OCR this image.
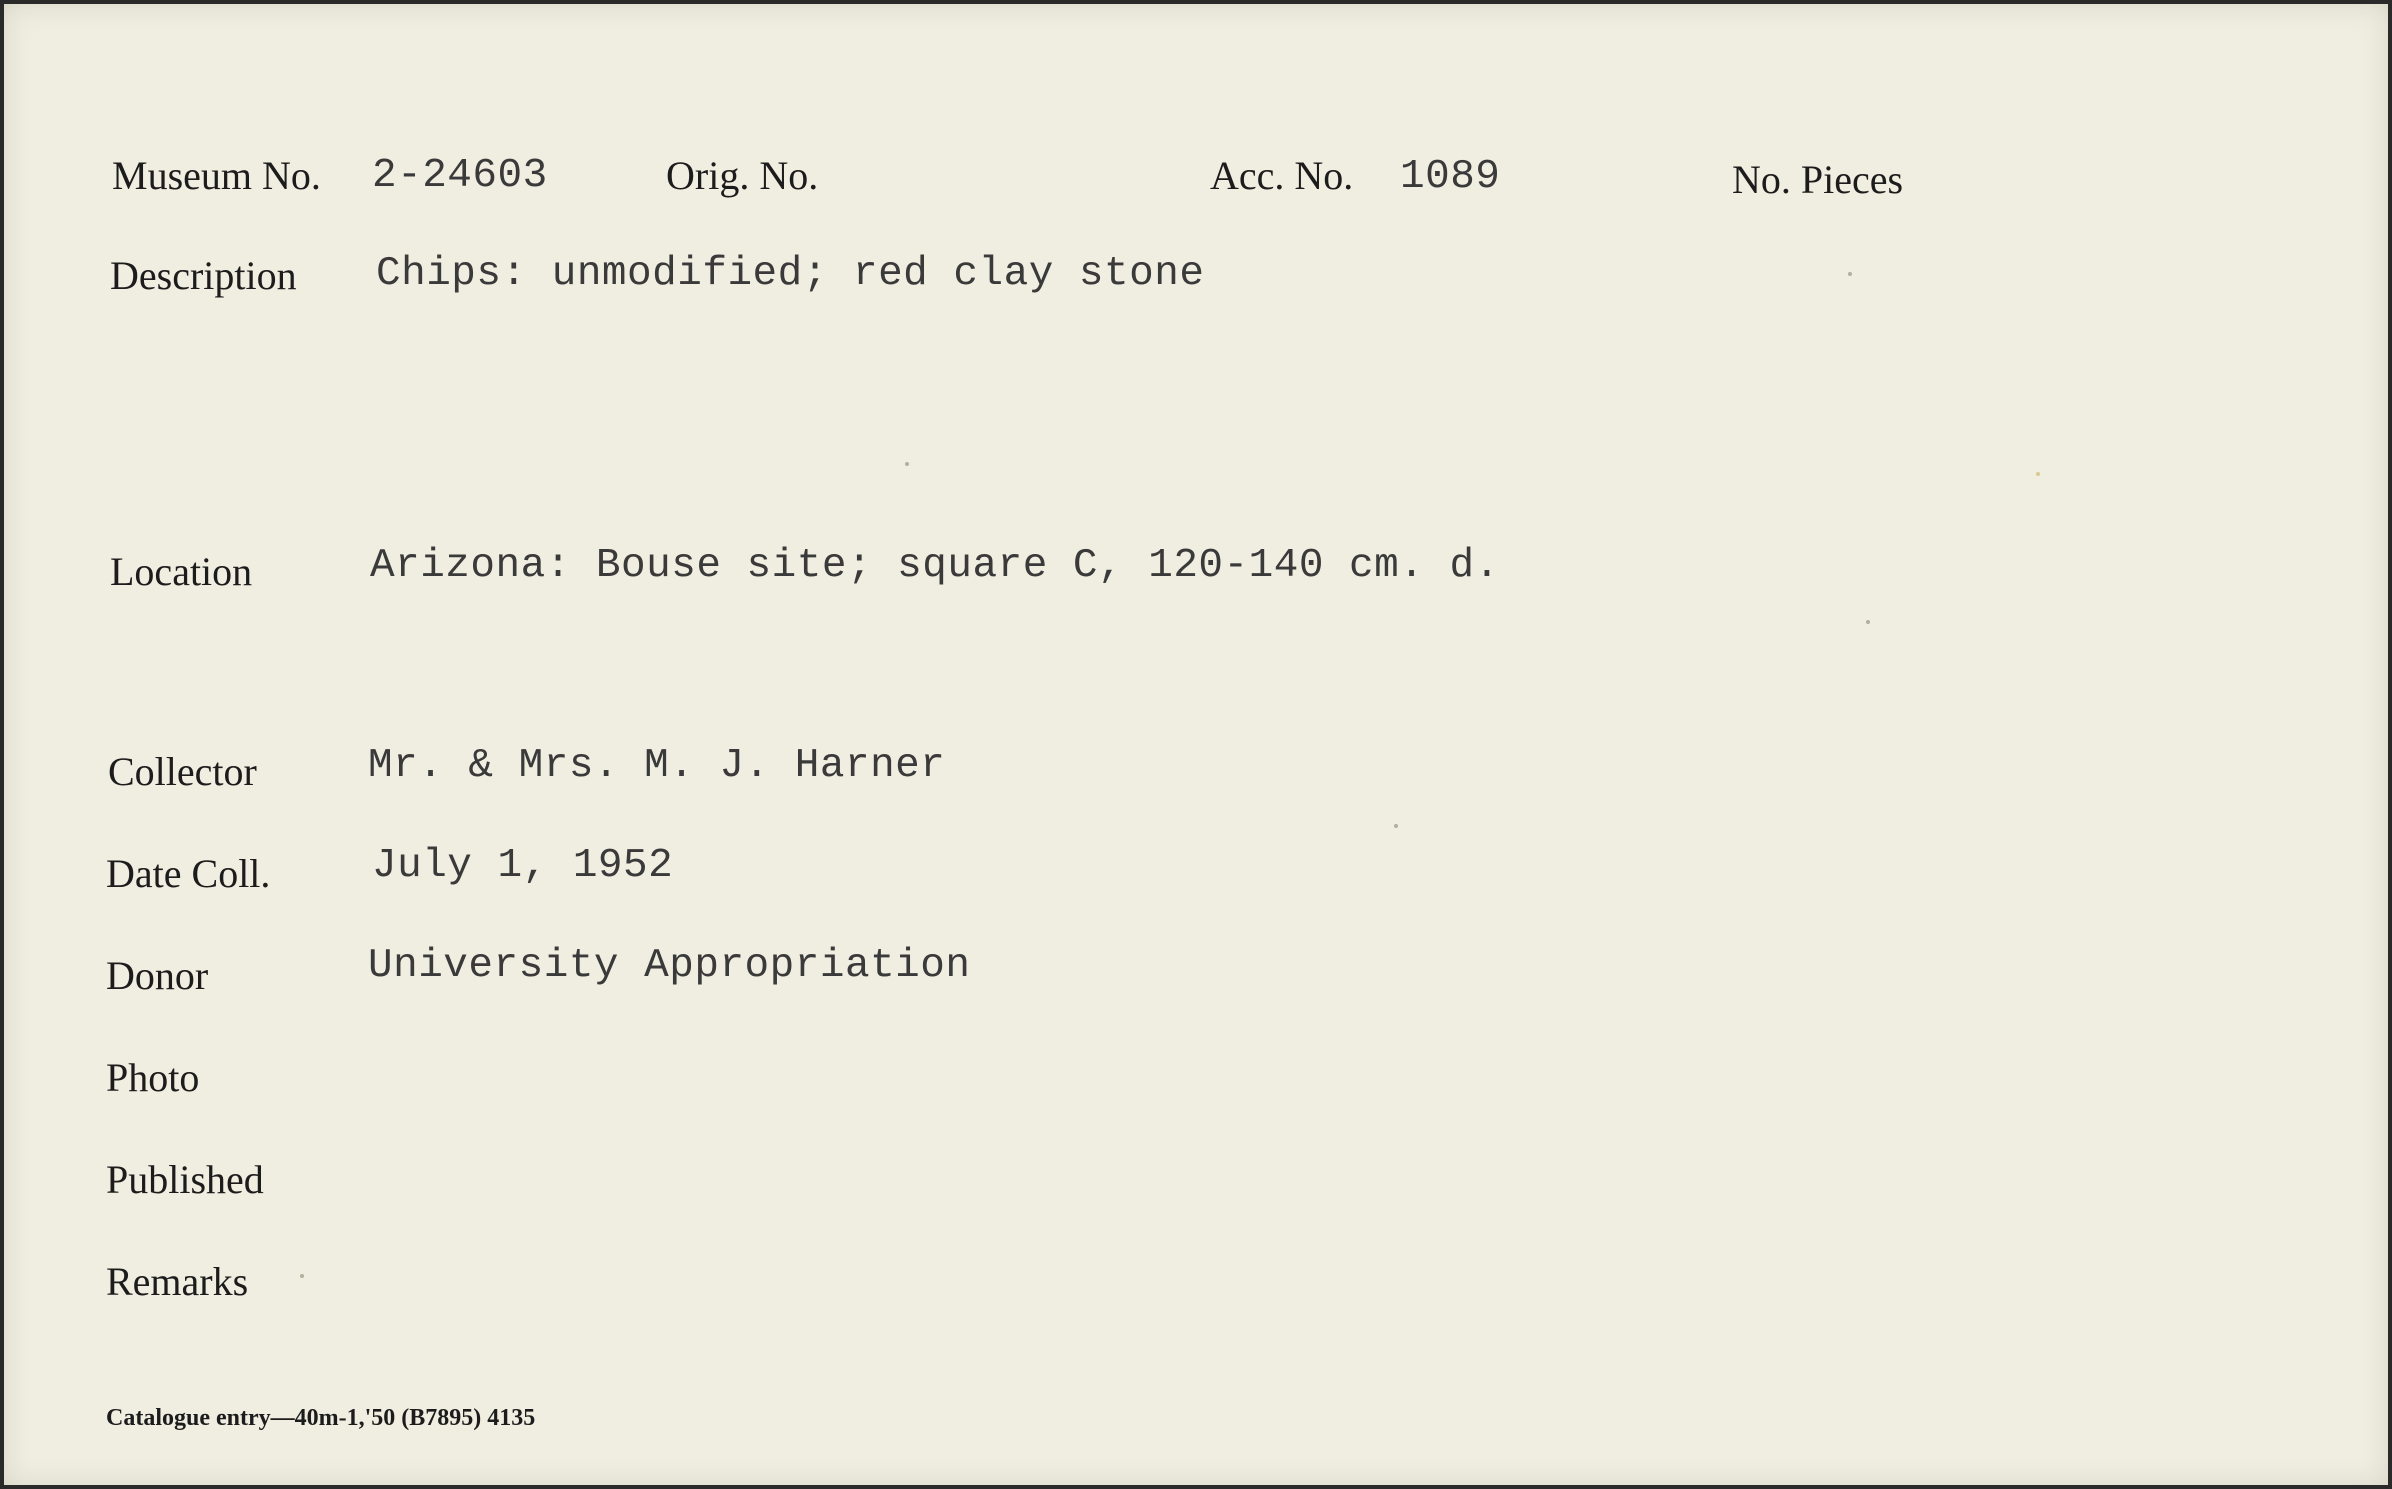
Museum No. 2-24603	Orig. No.	Acc. No. 1089	No. Pieces
Description Chips: unmodified; red clay stone
Location	Arizona: Bouse site; square C, 120-140 cm. d.
Collector	Mr. & Mrs. M. J. Harner
Date Coll. July 1, 1952
Donor	University Appropriation
Photo
Published
Remarks
Catalogue entry—40m-1,'50 (B7895) 4135
